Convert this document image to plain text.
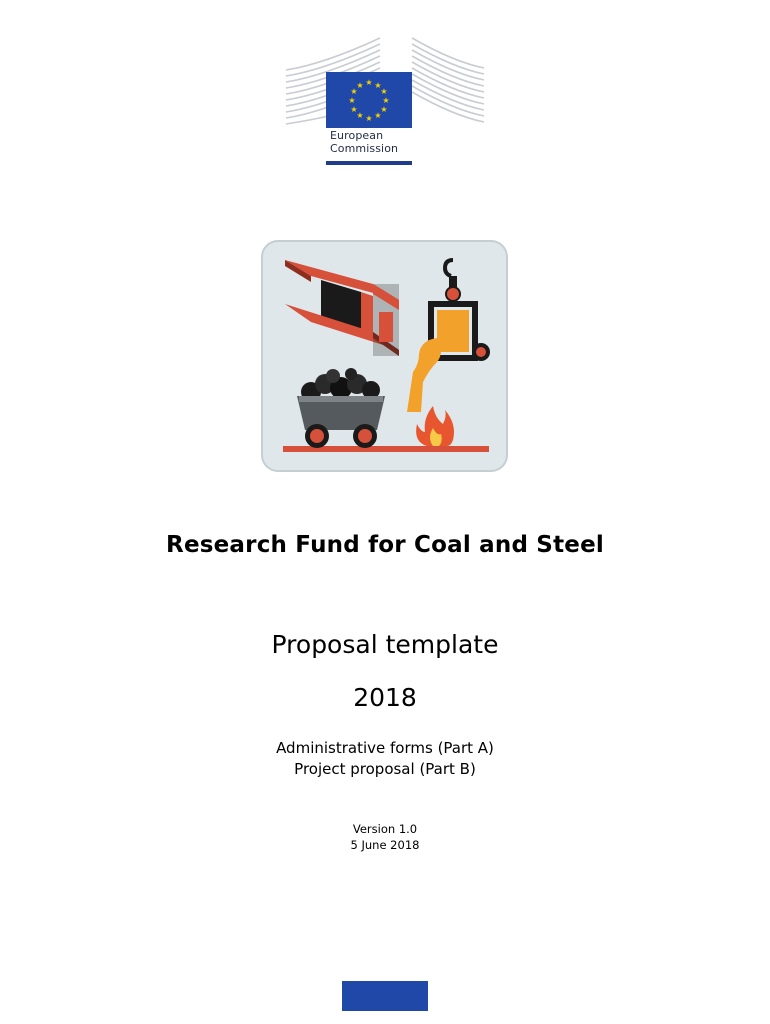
★ ★
★
★
★
★
★
★
★
★
★
★
European
Commission
Research Fund for Coal and Steel
Proposal template
2018
Administrative forms (Part A)
Project proposal (Part B)
Version 1.0
5 June 2018
